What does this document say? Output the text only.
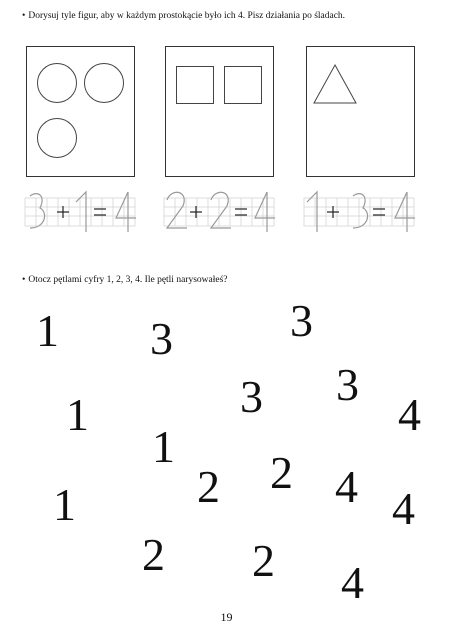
• Dorysuj tyle figur, aby w każdym prostokącie było ich 4. Pisz działania po śladach.
• Otocz pętlami cyfry 1, 2, 3, 4. Ile pętli narysowałeś?
1 3	3
1	3 3
4
1
2
2	4
1	4
2 2 4
19
